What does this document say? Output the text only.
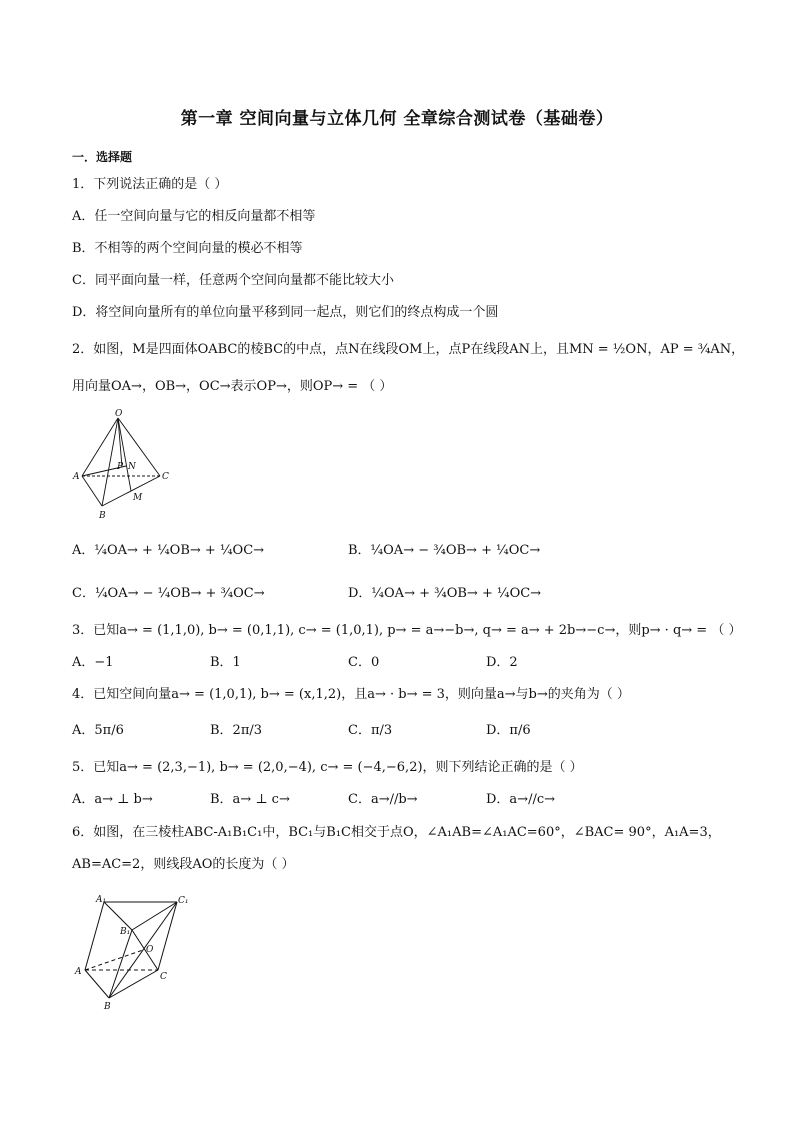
第一章 空间向量与立体几何 全章综合测试卷（基础卷）
一．选择题
1．下列说法正确的是（ ）
A．任一空间向量与它的相反向量都不相等
B．不相等的两个空间向量的模必不相等
C．同平面向量一样，任意两个空间向量都不能比较大小
D．将空间向量所有的单位向量平移到同一起点，则它们的终点构成一个圆
2．如图，M是四面体OABC的棱BC的中点，点N在线段OM上，点P在线段AN上，且MN = ½ON，AP = ¾AN，
用向量OA→，OB→，OC→表示OP→，则OP→ = （ ）
O
A
B
C
M
N
P
A．¼OA→ + ¼OB→ + ¼OC→	B．¼OA→ − ¾OB→ + ¼OC→
C．¼OA→ − ¼OB→ + ¾OC→	D．¼OA→ + ¾OB→ + ¼OC→
3．已知a→ = (1,1,0), b→ = (0,1,1), c→ = (1,0,1), p→ = a→−b→, q→ = a→ + 2b→−c→，则p→ · q→ = （ ）
A．−1	B．1	C．0	D．2
4．已知空间向量a→ = (1,0,1), b→ = (x,1,2)，且a→ · b→ = 3，则向量a→与b→的夹角为（ ）
A．5π/6	B．2π/3	C．π/3	D．π/6
5．已知a→ = (2,3,−1), b→ = (2,0,−4), c→ = (−4,−6,2)，则下列结论正确的是（ ）
A．a→ ⊥ b→	B．a→ ⊥ c→	C．a→//b→	D．a→//c→
6．如图，在三棱柱ABC-A₁B₁C₁中，BC₁与B₁C相交于点O，∠A₁AB=∠A₁AC=60°，∠BAC= 90°，A₁A=3，
AB=AC=2，则线段AO的长度为（ ）
A₁	C₁
B₁
O
A	C
B
